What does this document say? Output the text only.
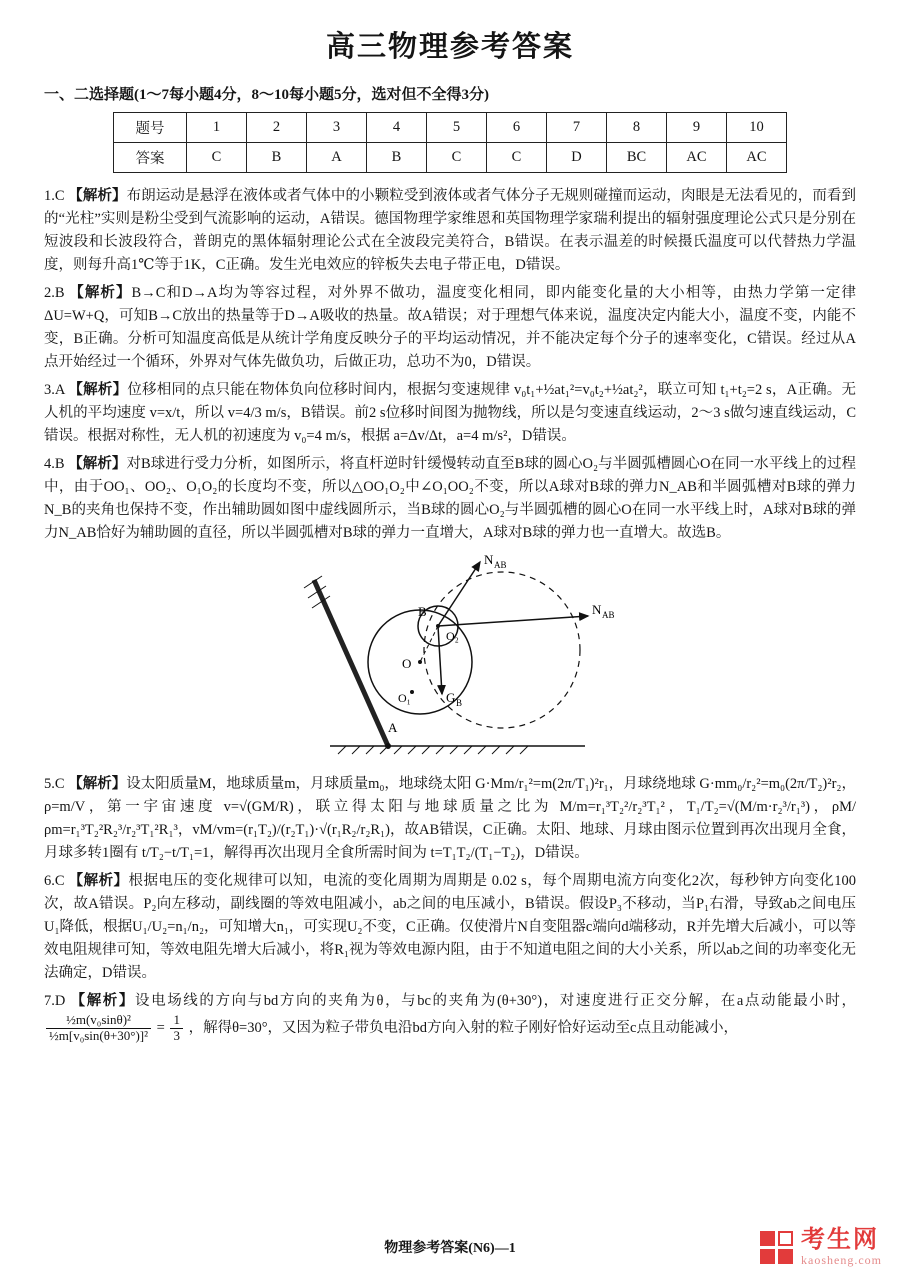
高三物理参考答案
一、二选择题(1～7每小题4分，8～10每小题5分，选对但不全得3分)
题号	1	2	3	4	5	6	7	8	9	10
答案	C	B	A	B	C	C	D	BC	AC	AC

1.C 【解析】布朗运动是悬浮在液体或者气体中的小颗粒受到液体或者气体分子无规则碰撞而运动，肉眼是无法看见的，而看到的“光柱”实则是粉尘受到气流影响的运动，A错误。德国物理学家维恩和英国物理学家瑞利提出的辐射强度理论公式只是分别在短波段和长波段符合，普朗克的黑体辐射理论公式在全波段完美符合，B错误。在表示温差的时候摄氏温度可以代替热力学温度，则每升高1℃等于1K，C正确。发生光电效应的锌板失去电子带正电，D错误。

2.B 【解析】B→C和D→A均为等容过程，对外界不做功，温度变化相同，即内能变化量的大小相等，由热力学第一定律ΔU=W+Q，可知B→C放出的热量等于D→A吸收的热量。故A错误；对于理想气体来说，温度决定内能大小，温度不变，内能不变，B正确。分析可知温度高低是从统计学角度反映分子的平均运动情况，并不能决定每个分子的速率变化，C错误。经过从A点开始经过一个循环，外界对气体先做负功，后做正功，总功不为0，D错误。

3.A 【解析】位移相同的点只能在物体负向位移时间内，根据匀变速规律 v₀t₁+½at₁²=v₀t₂+½at₂²，联立可知 t₁+t₂=2 s，A正确。无人机的平均速度 v=x/t，所以 v=4/3 m/s，B错误。前2 s位移时间图为抛物线，所以是匀变速直线运动，2～3 s做匀速直线运动，C错误。根据对称性，无人机的初速度为 v₀=4 m/s，根据 a=Δv/Δt，a=4 m/s²，D错误。

4.B 【解析】对B球进行受力分析，如图所示，将直杆逆时针缓慢转动直至B球的圆心O₂与半圆弧槽圆心O在同一水平线上的过程中，由于OO₁、OO₂、O₁O₂的长度均不变，所以△OO₁O₂中∠O₁OO₂不变，所以A球对B球的弹力N_AB和半圆弧槽对B球的弹力N_B的夹角也保持不变，作出辅助圆如图中虚线圆所示，当B球的圆心O₂与半圆弧槽的圆心O在同一水平线上时，A球对B球的弹力N_AB恰好为辅助圆的直径，所以半圆弧槽对B球的弹力一直增大，A球对B球的弹力也一直增大。故选B。

N AB
N AB
G B
B
O
O₁
O₂
A

5.C 【解析】设太阳质量M，地球质量m，月球质量m₀，地球绕太阳 G·Mm/r₁²=m(2π/T₁)²r₁，月球绕地球 G·mm₀/r₂²=m₀(2π/T₂)²r₂，ρ=m/V，第一宇宙速度 v=√(GM/R)，联立得太阳与地球质量之比为 M/m=r₁³T₂²/r₂³T₁²，T₁/T₂=√(M/m·r₂³/r₁³)，ρM/ρm=r₁³T₂²R₂³/r₂³T₁²R₁³，vM/vm=(r₁T₂)/(r₂T₁)·√(r₁R₂/r₂R₁)，故AB错误，C正确。太阳、地球、月球由图示位置到再次出现月全食，月球多转1圈有 t/T₂−t/T₁=1，解得再次出现月全食所需时间为 t=T₁T₂/(T₁−T₂)，D错误。

6.C 【解析】根据电压的变化规律可以知，电流的变化周期为周期是 0.02 s，每个周期电流方向变化2次，每秒钟方向变化100次，故A错误。P₂向左移动，副线圈的等效电阻减小，ab之间的电压减小，B错误。假设P₃不移动，当P₁右滑，导致ab之间电压U₁降低，根据U₁/U₂=n₁/n₂，可知增大n₁，可实现U₂不变，C正确。仅使滑片N自变阻器c端向d端移动，R并先增大后减小，可以等效电阻规律可知，等效电阻先增大后减小，将R₁视为等效电源内阻，由于不知道电阻之间的大小关系，所以ab之间的功率变化无法确定，D错误。

7.D 【解析】设电场线的方向与bd方向的夹角为θ，与bc的夹角为(θ+30°)，对速度进行正交分解，在a点动能最小时，
$\frac{\text{½m(v₀sinθ)²}}{\text{½m[v₀sin(θ+30°)]²}} = \frac{1}{3}$ ，解得θ=30°，又因为粒子带负电沿bd方向入射的粒子刚好恰好运动至c点且动能减小，

物理参考答案(N6)—1	考生网
kaosheng.com
